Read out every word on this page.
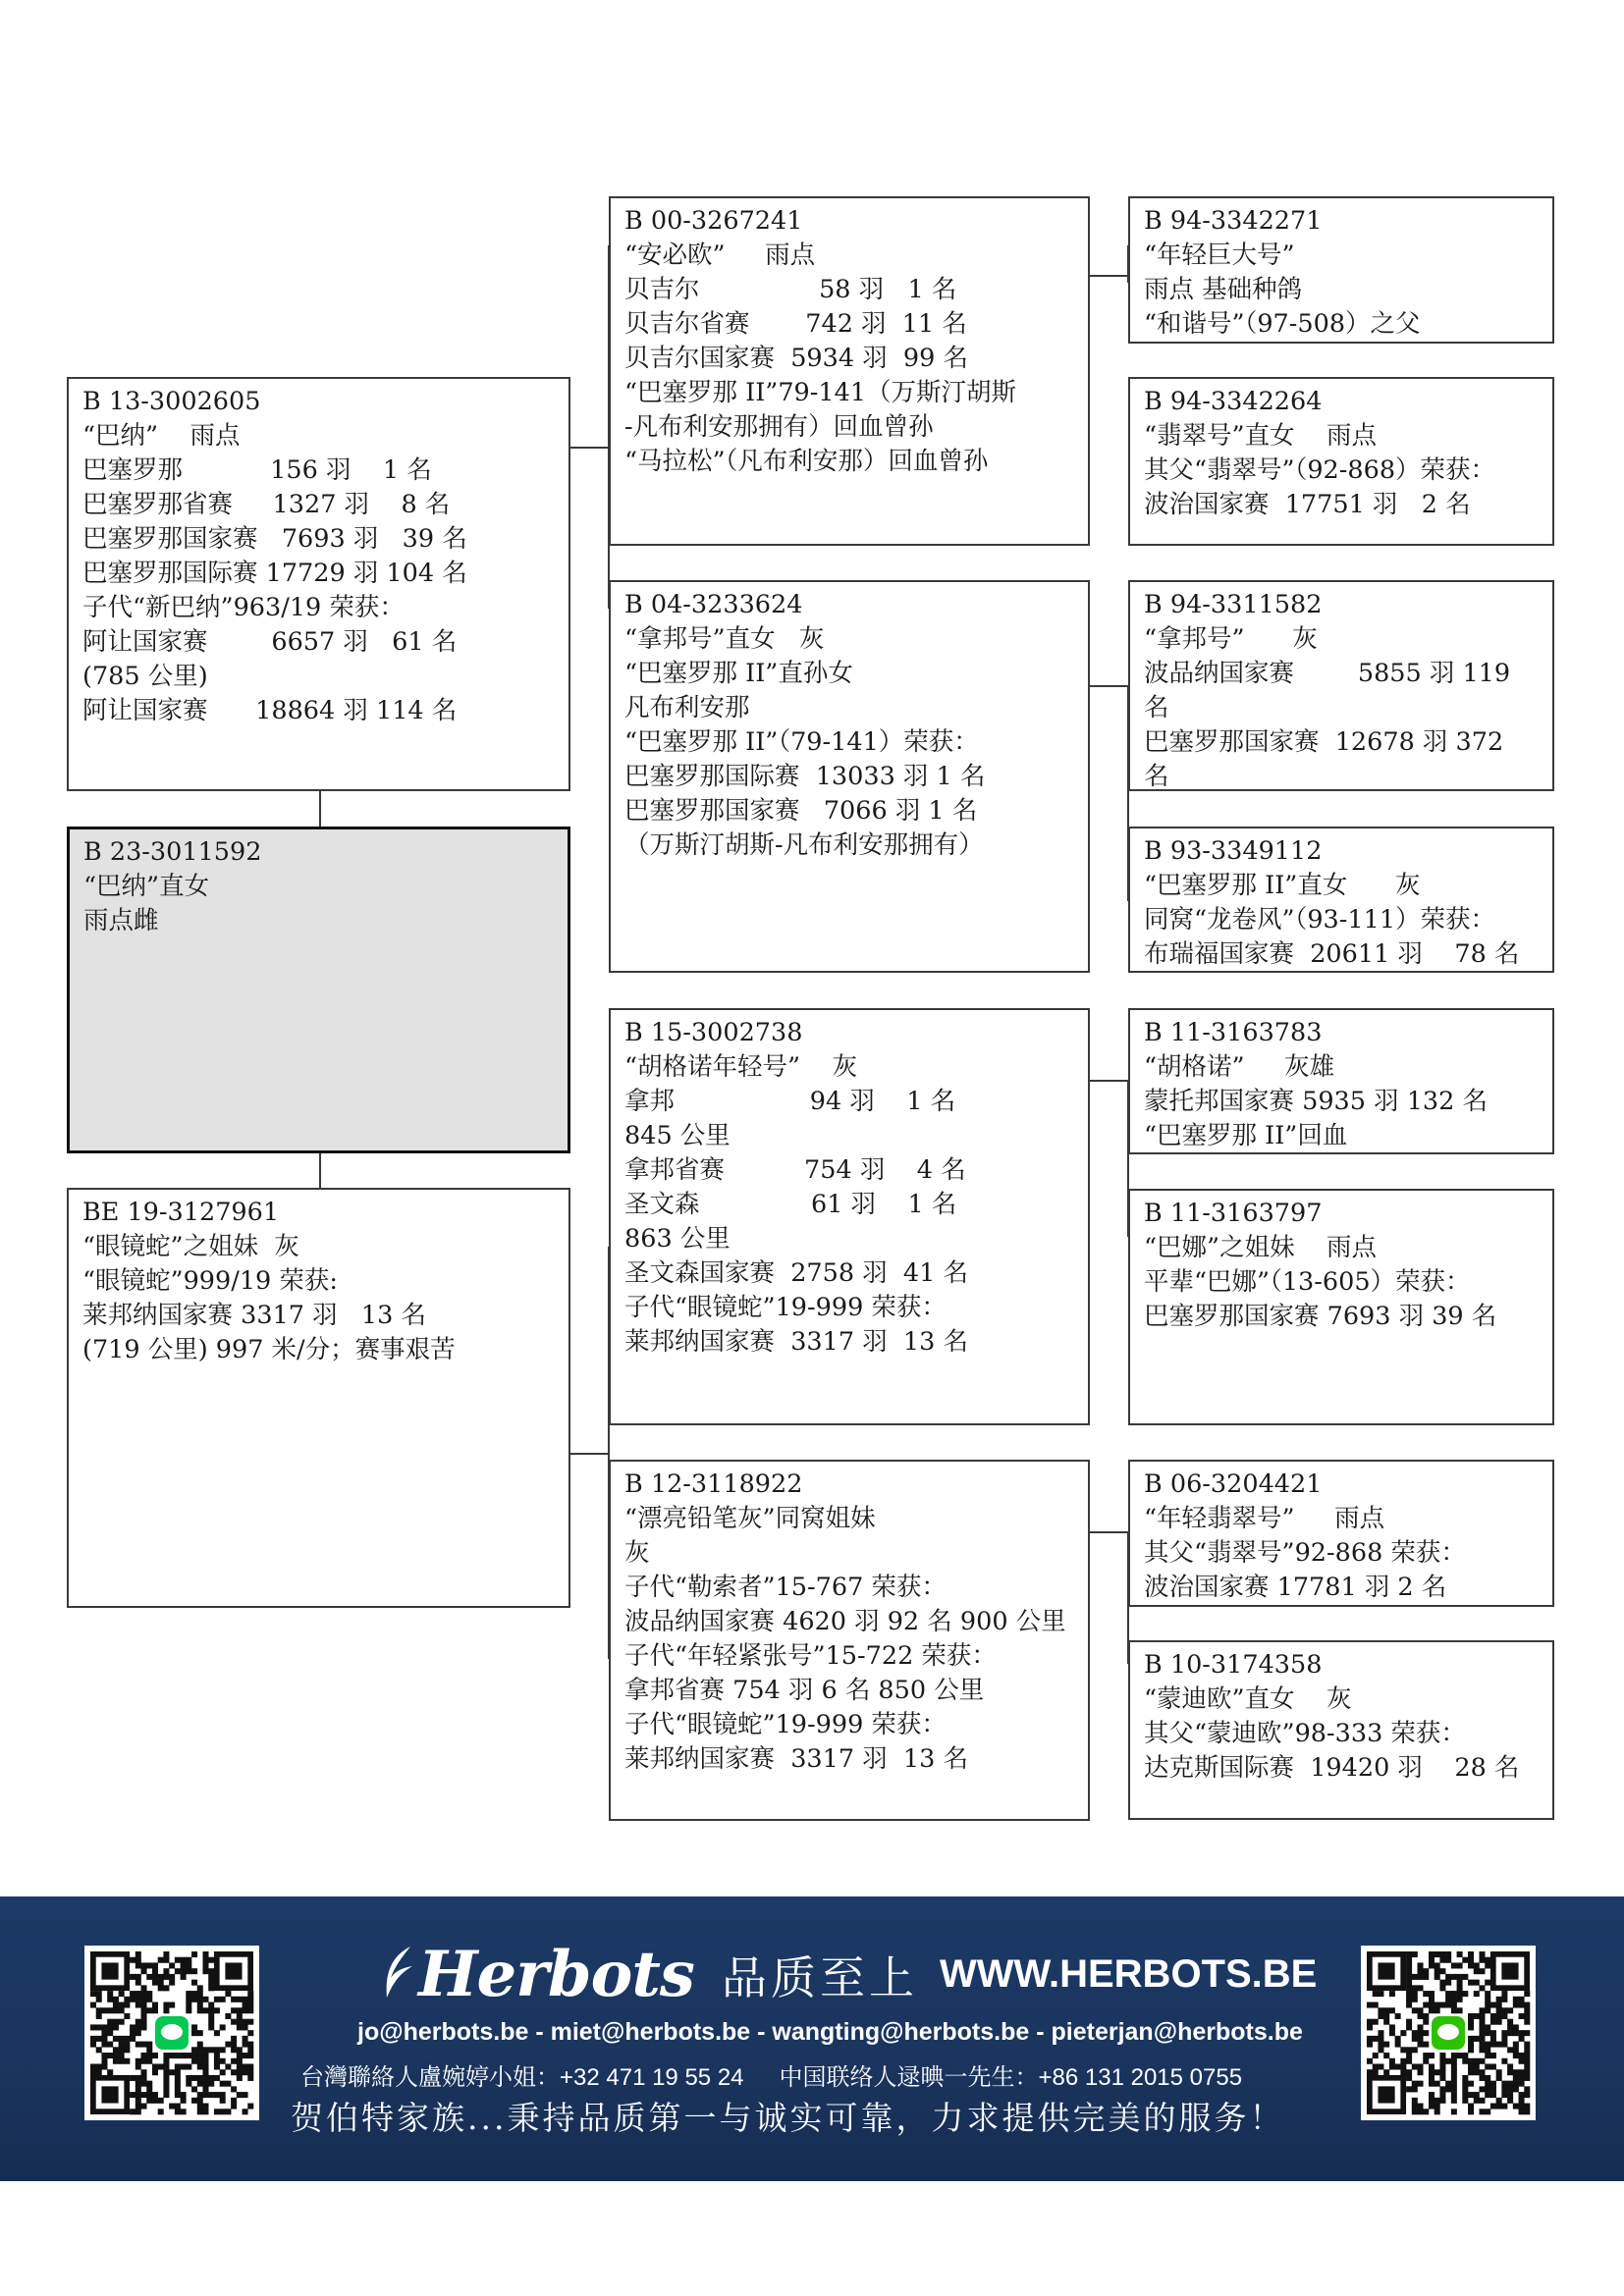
B 13-3002605
“巴纳”    雨点
巴塞罗那           156 羽    1 名
巴塞罗那省赛     1327 羽    8 名
巴塞罗那国家赛   7693 羽   39 名
巴塞罗那国际赛 17729 羽 104 名
子代“新巴纳”963/19 荣获：
阿让国家赛        6657 羽   61 名
(785 公里)
阿让国家赛      18864 羽 114 名
B 23-3011592
“巴纳”直女
雨点雌
BE 19-3127961
“眼镜蛇”之姐妹  灰
“眼镜蛇”999/19 荣获:
莱邦纳国家赛 3317 羽   13 名
(719 公里) 997 米/分；赛事艰苦
B 00-3267241
“安必欧”     雨点
贝吉尔               58 羽   1 名
贝吉尔省赛       742 羽  11 名
贝吉尔国家赛  5934 羽  99 名
“巴塞罗那 II”79-141（万斯汀胡斯
-凡布利安那拥有）回血曾孙
“马拉松”（凡布利安那）回血曾孙
B 04-3233624
“拿邦号”直女   灰
“巴塞罗那 II”直孙女
凡布利安那
“巴塞罗那 II”（79-141）荣获：
巴塞罗那国际赛  13033 羽 1 名
巴塞罗那国家赛   7066 羽 1 名
（万斯汀胡斯-凡布利安那拥有）
B 15-3002738
“胡格诺年轻号”    灰
拿邦                 94 羽    1 名
845 公里
拿邦省赛          754 羽    4 名
圣文森              61 羽    1 名
863 公里
圣文森国家赛  2758 羽  41 名
子代“眼镜蛇”19-999 荣获：
莱邦纳国家赛  3317 羽  13 名
B 12-3118922
“漂亮铅笔灰”同窝姐妹
灰
子代“勒索者”15-767 荣获：
波品纳国家赛 4620 羽 92 名 900 公里
子代“年轻紧张号”15-722 荣获：
拿邦省赛 754 羽 6 名 850 公里
子代“眼镜蛇”19-999 荣获：
莱邦纳国家赛  3317 羽  13 名
B 94-3342271
“年轻巨大号”
雨点 基础种鸽
“和谐号”（97-508）之父
B 94-3342264
“翡翠号”直女    雨点
其父“翡翠号”（92-868）荣获：
波治国家赛  17751 羽   2 名
B 94-3311582
“拿邦号”      灰
波品纳国家赛        5855 羽 119
名
巴塞罗那国家赛  12678 羽 372
名
B 93-3349112
“巴塞罗那 II”直女      灰
同窝“龙卷风”（93-111）荣获：
布瑞福国家赛  20611 羽    78 名
B 11-3163783
“胡格诺”     灰雄
蒙托邦国家赛 5935 羽 132 名
“巴塞罗那 II”回血
B 11-3163797
“巴娜”之姐妹    雨点
平辈“巴娜”（13-605）荣获：
巴塞罗那国家赛 7693 羽 39 名
B 06-3204421
“年轻翡翠号”     雨点
其父“翡翠号”92-868 荣获：
波治国家赛 17781 羽 2 名
B 10-3174358
“蒙迪欧”直女    灰
其父“蒙迪欧”98-333 荣获：
达克斯国际赛  19420 羽    28 名
Herbots 品质至上 WWW.HERBOTS.BE
jo@herbots.be - miet@herbots.be - wangting@herbots.be - pieterjan@herbots.be
台灣聯絡人盧婉婷小姐：+32 471 19 55 24 中国联络人逯晪一先生：+86 131 2015 0755
贺伯特家族...秉持品质第一与诚实可靠，力求提供完美的服务！
